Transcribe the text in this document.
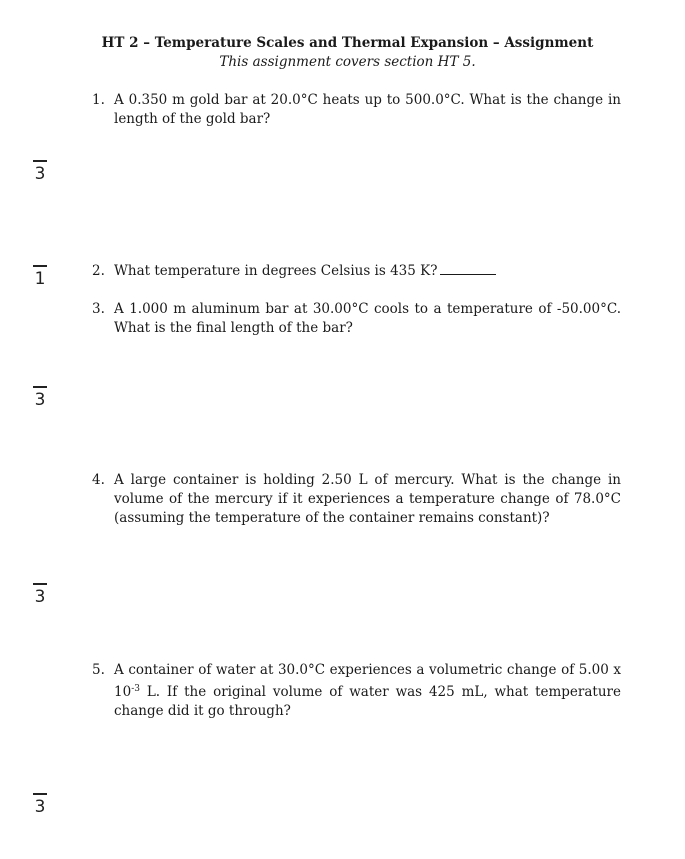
HT 2 – Temperature Scales and Thermal Expansion – Assignment
This assignment covers section HT 5.
1. A 0.350 m gold bar at 20.0°C heats up to 500.0°C. What is the change in length of the gold bar?
2. What temperature in degrees Celsius is 435 K?
3. A 1.000 m aluminum bar at 30.00°C cools to a temperature of -50.00°C. What is the final length of the bar?
4. A large container is holding 2.50 L of mercury. What is the change in volume of the mercury if it experiences a temperature change of 78.0°C (assuming the temperature of the container remains constant)?
5. A container of water at 30.0°C experiences a volumetric change of 5.00 x $10^{-3}$ L. If the original volume of water was 425 mL, what temperature change did it go through?
3
1
3
3
3
